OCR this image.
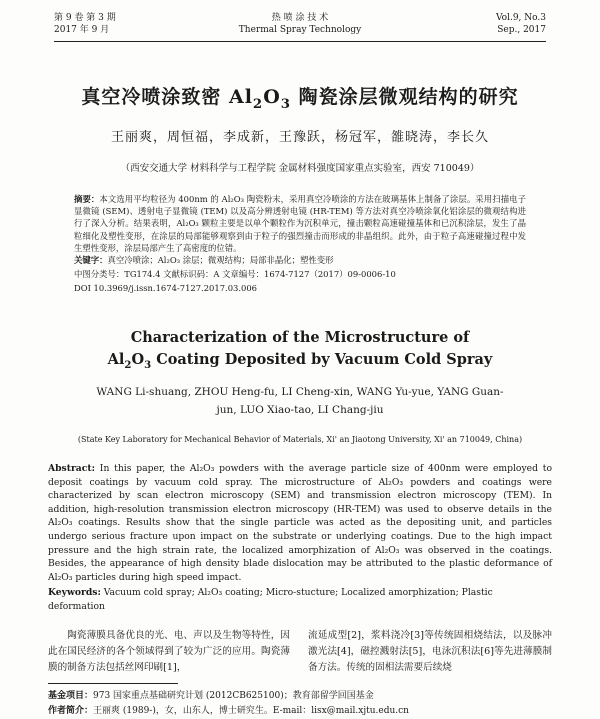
第 9 卷 第 3 期
2017 年 9 月
热 喷 涂 技 术
Thermal Spray Technology
Vol.9, No.3
Sep., 2017
真空冷喷涂致密 $Al_2O_3$ 陶瓷涂层微观结构的研究
王丽爽，周恒福，李成新，王豫跃，杨冠军，雒晓涛，李长久
（西安交通大学 材料科学与工程学院 金属材料强度国家重点实验室，西安 710049）
摘要：本文选用平均粒径为 400nm 的 Al₂O₃ 陶瓷粉末，采用真空冷喷涂的方法在玻璃基体上制备了涂层。采用扫描电子显微镜 (SEM)、透射电子显微镜 (TEM) 以及高分辨透射电镜 (HR-TEM) 等方法对真空冷喷涂氧化铝涂层的微观结构进行了深入分析。结果表明，Al₂O₃ 颗粒主要是以单个颗粒作为沉积单元，撞击颗粒高速碰撞基体和已沉积涂层，发生了晶粒细化及塑性变形，在涂层的局部能够观察到由于粒子的强烈撞击而形成的非晶组织。此外，由于粒子高速碰撞过程中发生塑性变形，涂层局部产生了高密度的位错。
关键字：真空冷喷涂；Al₂O₃ 涂层；微观结构；局部非晶化；塑性变形
中图分类号：TG174.4 文献标识码：A 文章编号：1674-7127（2017）09-0006-10
DOI 10.3969/j.issn.1674-7127.2017.03.006
Characterization of the Microstructure of
$Al_2O_3$ Coating Deposited by Vacuum Cold Spray
WANG Li-shuang, ZHOU Heng-fu, LI Cheng-xin, WANG Yu-yue, YANG Guan-jun, LUO Xiao-tao, LI Chang-jiu
(State Key Laboratory for Mechanical Behavior of Materials, Xi' an Jiaotong University, Xi' an 710049, China)
Abstract: In this paper, the Al₂O₃ powders with the average particle size of 400nm were employed to deposit coatings by vacuum cold spray. The microstructure of Al₂O₃ powders and coatings were characterized by scan electron microscopy (SEM) and transmission electron microscopy (TEM). In addition, high-resolution transmission electron microscopy (HR-TEM) was used to observe details in the Al₂O₃ coatings. Results show that the single particle was acted as the depositing unit, and particles undergo serious fracture upon impact on the substrate or underlying coatings. Due to the high impact pressure and the high strain rate, the localized amorphization of Al₂O₃ was observed in the coatings. Besides, the appearance of high density blade dislocation may be attributed to the plastic deformance of Al₂O₃ particles during high speed impact.
Keywords: Vacuum cold spray; Al₂O₃ coating; Micro-stucture; Localized amorphization; Plastic deformation
陶瓷薄膜具备优良的光、电、声以及生物等特性，因此在国民经济的各个领域得到了较为广泛的应用。陶瓷薄膜的制备方法包括丝网印刷[1]，
流延成型[2]，浆料浇冷[3]等传统固相烧结法，以及脉冲激光法[4]，磁控溅射法[5]，电泳沉积法[6]等先进薄膜制备方法。传统的固相法需要后续烧
基金项目：973 国家重点基础研究计划 (2012CB625100)；教育部留学回国基金
作者简介：王丽爽 (1989-)，女，山东人，博士研究生。E-mail：lisx@mail.xjtu.edu.cn
